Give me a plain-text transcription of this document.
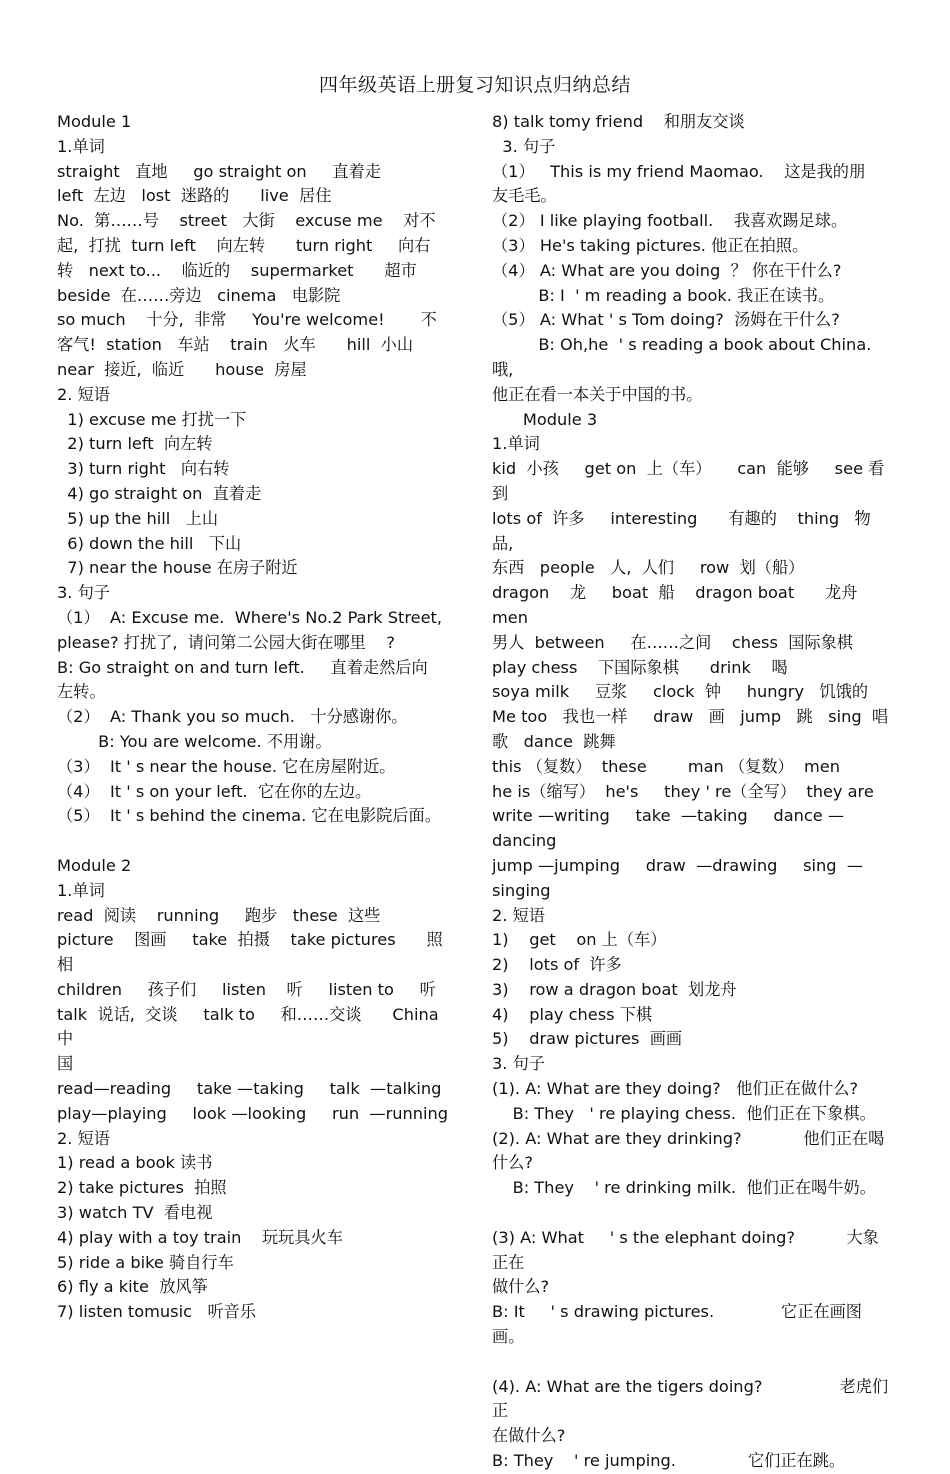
四年级英语上册复习知识点归纳总结
Module 1
1.单词
straight   直地     go straight on     直着走
left  左边   lost  迷路的      live  居住
No.  第……号    street   大街    excuse me    对不
起,  打扰  turn left    向左转      turn right     向右
转   next to...    临近的    supermarket      超市
beside  在……旁边   cinema   电影院
so much    十分,  非常     You're welcome!       不
客气!  station   车站    train   火车      hill  小山
near  接近,  临近      house  房屋
2. 短语
1) excuse me 打扰一下
2) turn left  向左转
3) turn right   向右转
4) go straight on  直着走
5) up the hill   上山
6) down the hill   下山
7) near the house 在房子附近
3. 句子
（1）  A: Excuse me.  Where's No.2 Park Street,
please? 打扰了,  请问第二公园大街在哪里    ?
B: Go straight on and turn left.     直着走然后向
左转。
（2）  A: Thank you so much.   十分感谢你。
B: You are welcome. 不用谢。
（3）  It ' s near the house. 它在房屋附近。
（4）  It ' s on your left.  它在你的左边。
（5）  It ' s behind the cinema. 它在电影院后面。
Module 2
1.单词
read  阅读    running     跑步   these  这些
picture    图画     take  拍摄    take pictures      照相
children     孩子们     listen    听     listen to     听
talk  说话,  交谈     talk to     和……交谈      China  中
国
read—reading     take —taking     talk  —talking
play—playing     look —looking     run  —running
2. 短语
1) read a book 读书
2) take pictures  拍照
3) watch TV  看电视
4) play with a toy train    玩玩具火车
5) ride a bike 骑自行车
6) fly a kite  放风筝
7) listen tomusic   听音乐
8) talk tomy friend    和朋友交谈
3. 句子
（1）   This is my friend Maomao.    这是我的朋
友毛毛。
（2） I like playing football.    我喜欢踢足球。
（3） He's taking pictures. 他正在拍照。
（4） A: What are you doing  ？ 你在干什么?
B: I  ' m reading a book. 我正在读书。
（5） A: What ' s Tom doing?  汤姆在干什么?
B: Oh,he  ' s reading a book about China.  哦,
他正在看一本关于中国的书。
Module 3
1.单词
kid  小孩     get on  上（车）     can  能够     see 看到
lots of  许多     interesting      有趣的    thing   物品,
东西   people   人,  人们     row  划（船）
dragon    龙     boat  船    dragon boat      龙舟     men
男人  between     在……之间    chess  国际象棋
play chess    下国际象棋      drink    喝
soya milk     豆浆     clock  钟     hungry   饥饿的
Me too   我也一样     draw   画   jump   跳   sing  唱
歌   dance  跳舞
this （复数）  these        man （复数）  men
he is（缩写）  he's     they ' re（全写）  they are
write —writing     take  —taking     dance —dancing
jump —jumping     draw  —drawing     sing  —
singing
2. 短语
1)    get    on 上（车）
2)    lots of  许多
3)    row a dragon boat  划龙舟
4)    play chess 下棋
5)    draw pictures  画画
3. 句子
(1). A: What are they doing?   他们正在做什么?
B: They   ' re playing chess.  他们正在下象棋。
(2). A: What are they drinking?            他们正在喝
什么?
B: They    ' re drinking milk.  他们正在喝牛奶。
(3) A: What     ' s the elephant doing?          大象正在
做什么?
B: It     ' s drawing pictures.             它正在画图画。
(4). A: What are the tigers doing?               老虎们正
在做什么?
B: They    ' re jumping.              它们正在跳。
